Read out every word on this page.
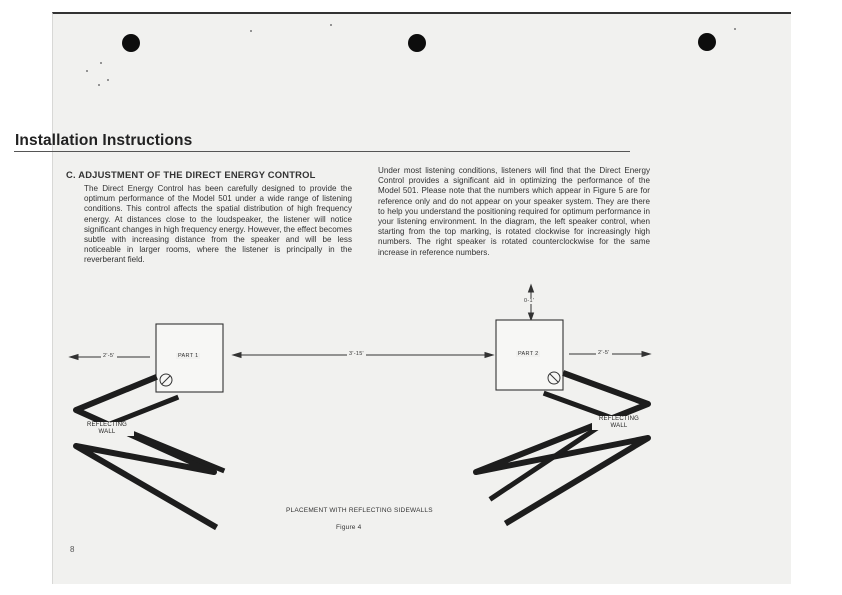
Installation Instructions

C. ADJUSTMENT OF THE DIRECT ENERGY CONTROL

The Direct Energy Control has been carefully designed to provide the optimum performance of the Model 501 under a wide range of listening conditions. This control affects the spatial distribution of high frequency energy. At distances close to the loudspeaker, the listener will notice significant changes in high frequency energy. However, the effect becomes subtle with increasing distance from the speaker and will be less noticeable in larger rooms, where the listener is principally in the reverberant field.

Under most listening conditions, listeners will find that the Direct Energy Control provides a significant aid in optimizing the performance of the Model 501. Please note that the numbers which appear in Figure 5 are for reference only and do not appear on your speaker system. They are there to help you understand the positioning required for optimum performance in your listening environment. In the diagram, the left speaker control, when starting from the top marking, is rotated clockwise for increasingly high numbers. The right speaker is rotated counterclockwise for the same increase in reference numbers.

PART 1	PART 2
2'-5'	3'-15'	2'-5'
0-1'
REFLECTING
WALL
REFLECTING
WALL
PLACEMENT WITH REFLECTING SIDEWALLS
Figure 4
8
